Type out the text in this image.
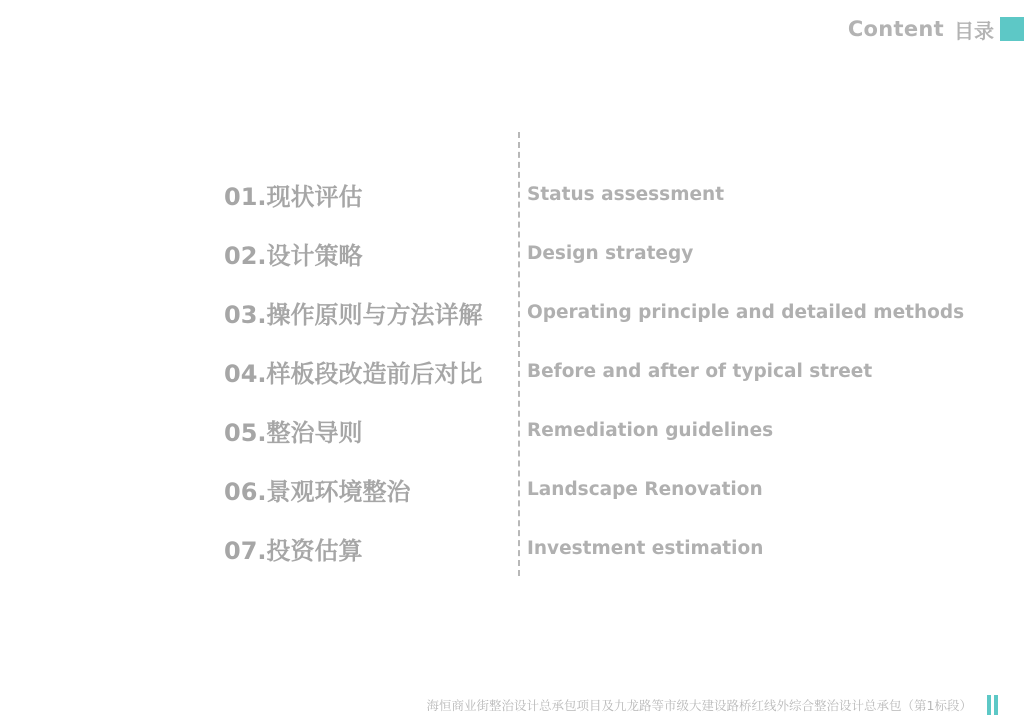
Content 目录
01.现状评估
02.设计策略
03.操作原则与方法详解
04.样板段改造前后对比
05.整治导则
06.景观环境整治
07.投资估算
Status assessment
Design strategy
Operating principle and detailed methods
Before and after of typical street
Remediation guidelines
Landscape Renovation
Investment estimation
海恒商业街整治设计总承包项目及九龙路等市级大建设路桥红线外综合整治设计总承包（第1标段）
